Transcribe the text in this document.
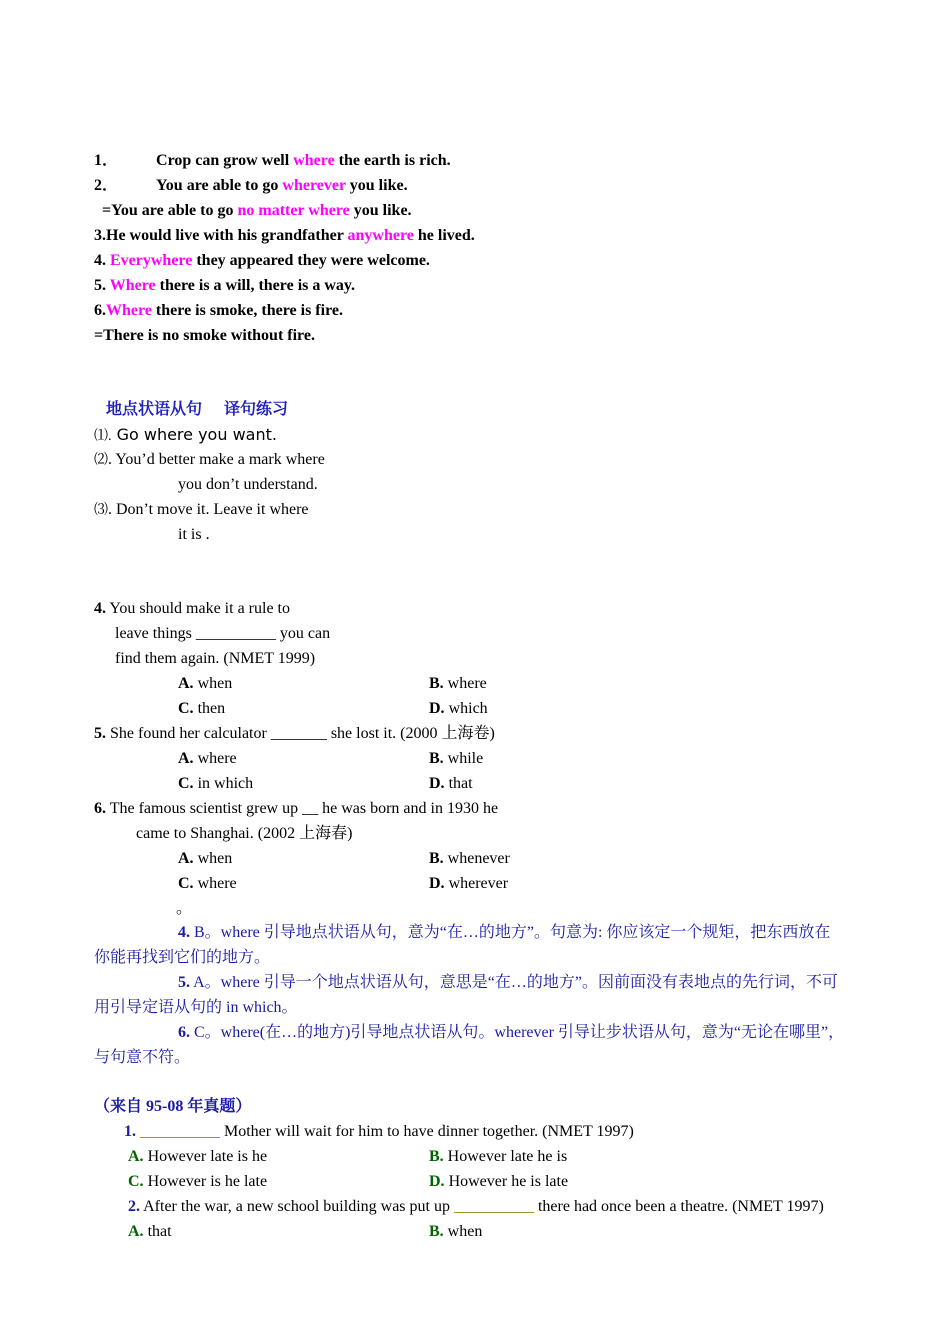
1． Crop can grow well where the earth is rich.
2． You are able to go wherever you like.
=You are able to go no matter where you like.
3.He would live with his grandfather anywhere he lived.
4. Everywhere they appeared they were welcome.
5. Where there is a will, there is a way.
6.Where there is smoke, there is fire.
=There is no smoke without fire.
地点状语从句 译句练习
⑴. Go where you want.
⑵. You’d better make a mark where
you don’t understand.
⑶. Don’t move it. Leave it where
it is .
4. You should make it a rule to
leave things __________ you can
find them again. (NMET 1999)
A. when	B. where
C. then	D. which
5. She found her calculator _______ she lost it. (2000 上海卷)
A. where	B. while
C. in which	D. that
6. The famous scientist grew up __ he was born and in 1930 he
came to Shanghai. (2002 上海春)
A. when	B. whenever
C. where	D. wherever
。
4. B。where 引导地点状语从句，意为“在…的地方”。句意为: 你应该定一个规矩，把东西放在
你能再找到它们的地方。
5. A。where 引导一个地点状语从句，意思是“在…的地方”。因前面没有表地点的先行词，不可
用引导定语从句的 in which。
6. C。where(在…的地方)引导地点状语从句。wherever 引导让步状语从句，意为“无论在哪里”，
与句意不符。
（来自 95-08 年真题）
1. __________ Mother will wait for him to have dinner together. (NMET 1997)
A. However late is he	B. However late he is
C. However is he late	D. However he is late
2. After the war, a new school building was put up __________ there had once been a theatre. (NMET 1997)
A. that	B. when
